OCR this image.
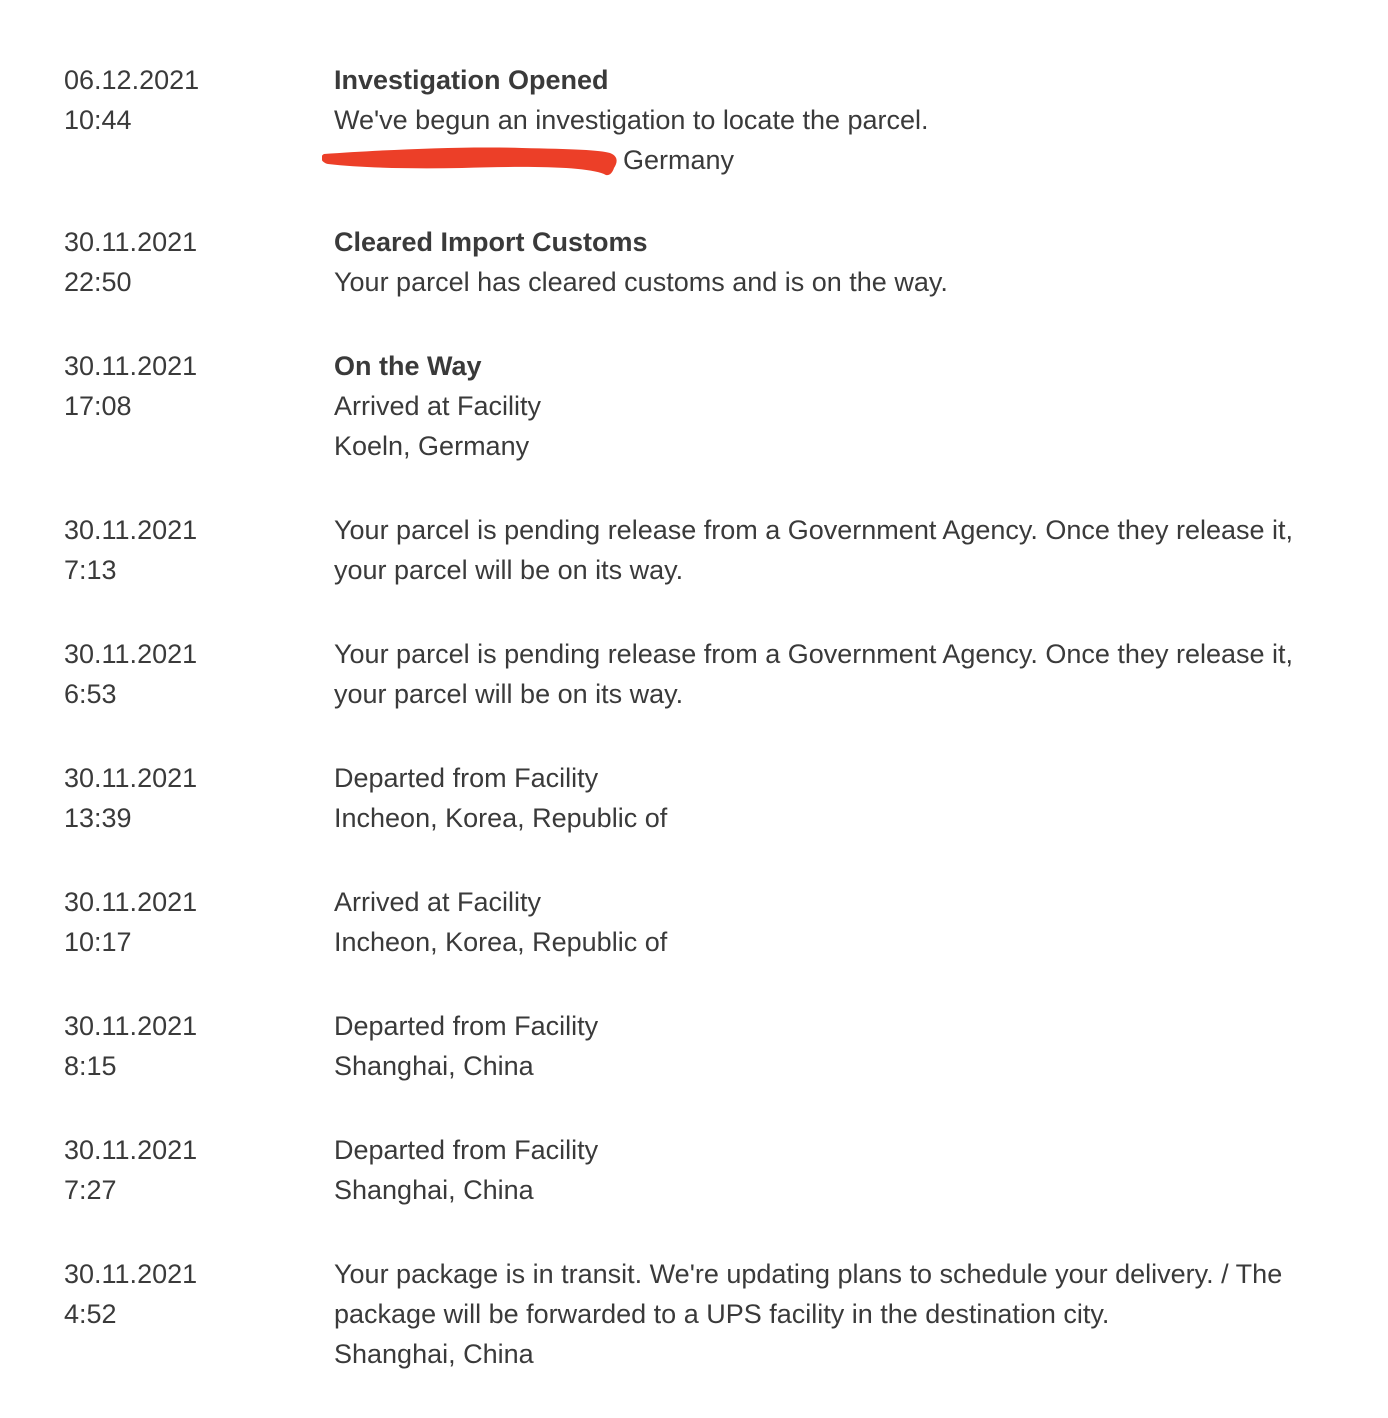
06.12.2021
10:44
Investigation Opened
We've begun an investigation to locate the parcel.
Germany
30.11.2021
22:50
Cleared Import Customs
Your parcel has cleared customs and is on the way.
30.11.2021
17:08
On the Way
Arrived at Facility
Koeln, Germany
30.11.2021
7:13
Your parcel is pending release from a Government Agency. Once they release it,
your parcel will be on its way.
30.11.2021
6:53
Your parcel is pending release from a Government Agency. Once they release it,
your parcel will be on its way.
30.11.2021
13:39
Departed from Facility
Incheon, Korea, Republic of
30.11.2021
10:17
Arrived at Facility
Incheon, Korea, Republic of
30.11.2021
8:15
Departed from Facility
Shanghai, China
30.11.2021
7:27
Departed from Facility
Shanghai, China
30.11.2021
4:52
Your package is in transit. We're updating plans to schedule your delivery. / The
package will be forwarded to a UPS facility in the destination city.
Shanghai, China
